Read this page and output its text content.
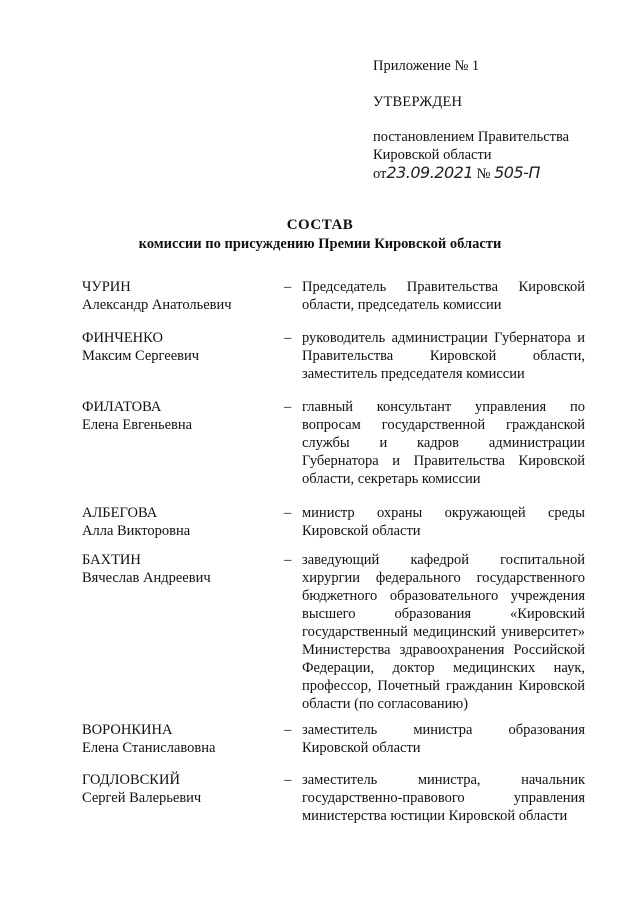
Приложение № 1
УТВЕРЖДЕН
постановлением Правительства
Кировской области
от23.09.2021 № 505-П
СОСТАВ
комиссии по присуждению Премии Кировской области
ЧУРИН
Александр Анатольевич
– Председатель Правительства Кировской области, председатель комиссии
ФИНЧЕНКО
Максим Сергеевич
– руководитель администрации Губернатора и Правительства Кировской области, заместитель председателя комиссии
ФИЛАТОВА
Елена Евгеньевна
– главный консультант управления по вопросам государственной гражданской службы и кадров администрации Губернатора и Правительства Кировской области, секретарь комиссии
АЛБЕГОВА
Алла Викторовна
– министр охраны окружающей среды Кировской области
БАХТИН
Вячеслав Андреевич
– заведующий кафедрой госпитальной хирургии федерального государственного бюджетного образовательного учреждения высшего образования «Кировский государственный медицинский университет» Министерства здравоохранения Российской Федерации, доктор медицинских наук, профессор, Почетный гражданин Кировской области (по согласованию)
ВОРОНКИНА
Елена Станиславовна
– заместитель министра образования Кировской области
ГОДЛОВСКИЙ
Сергей Валерьевич
– заместитель министра, начальник государственно-правового управления министерства юстиции Кировской области
